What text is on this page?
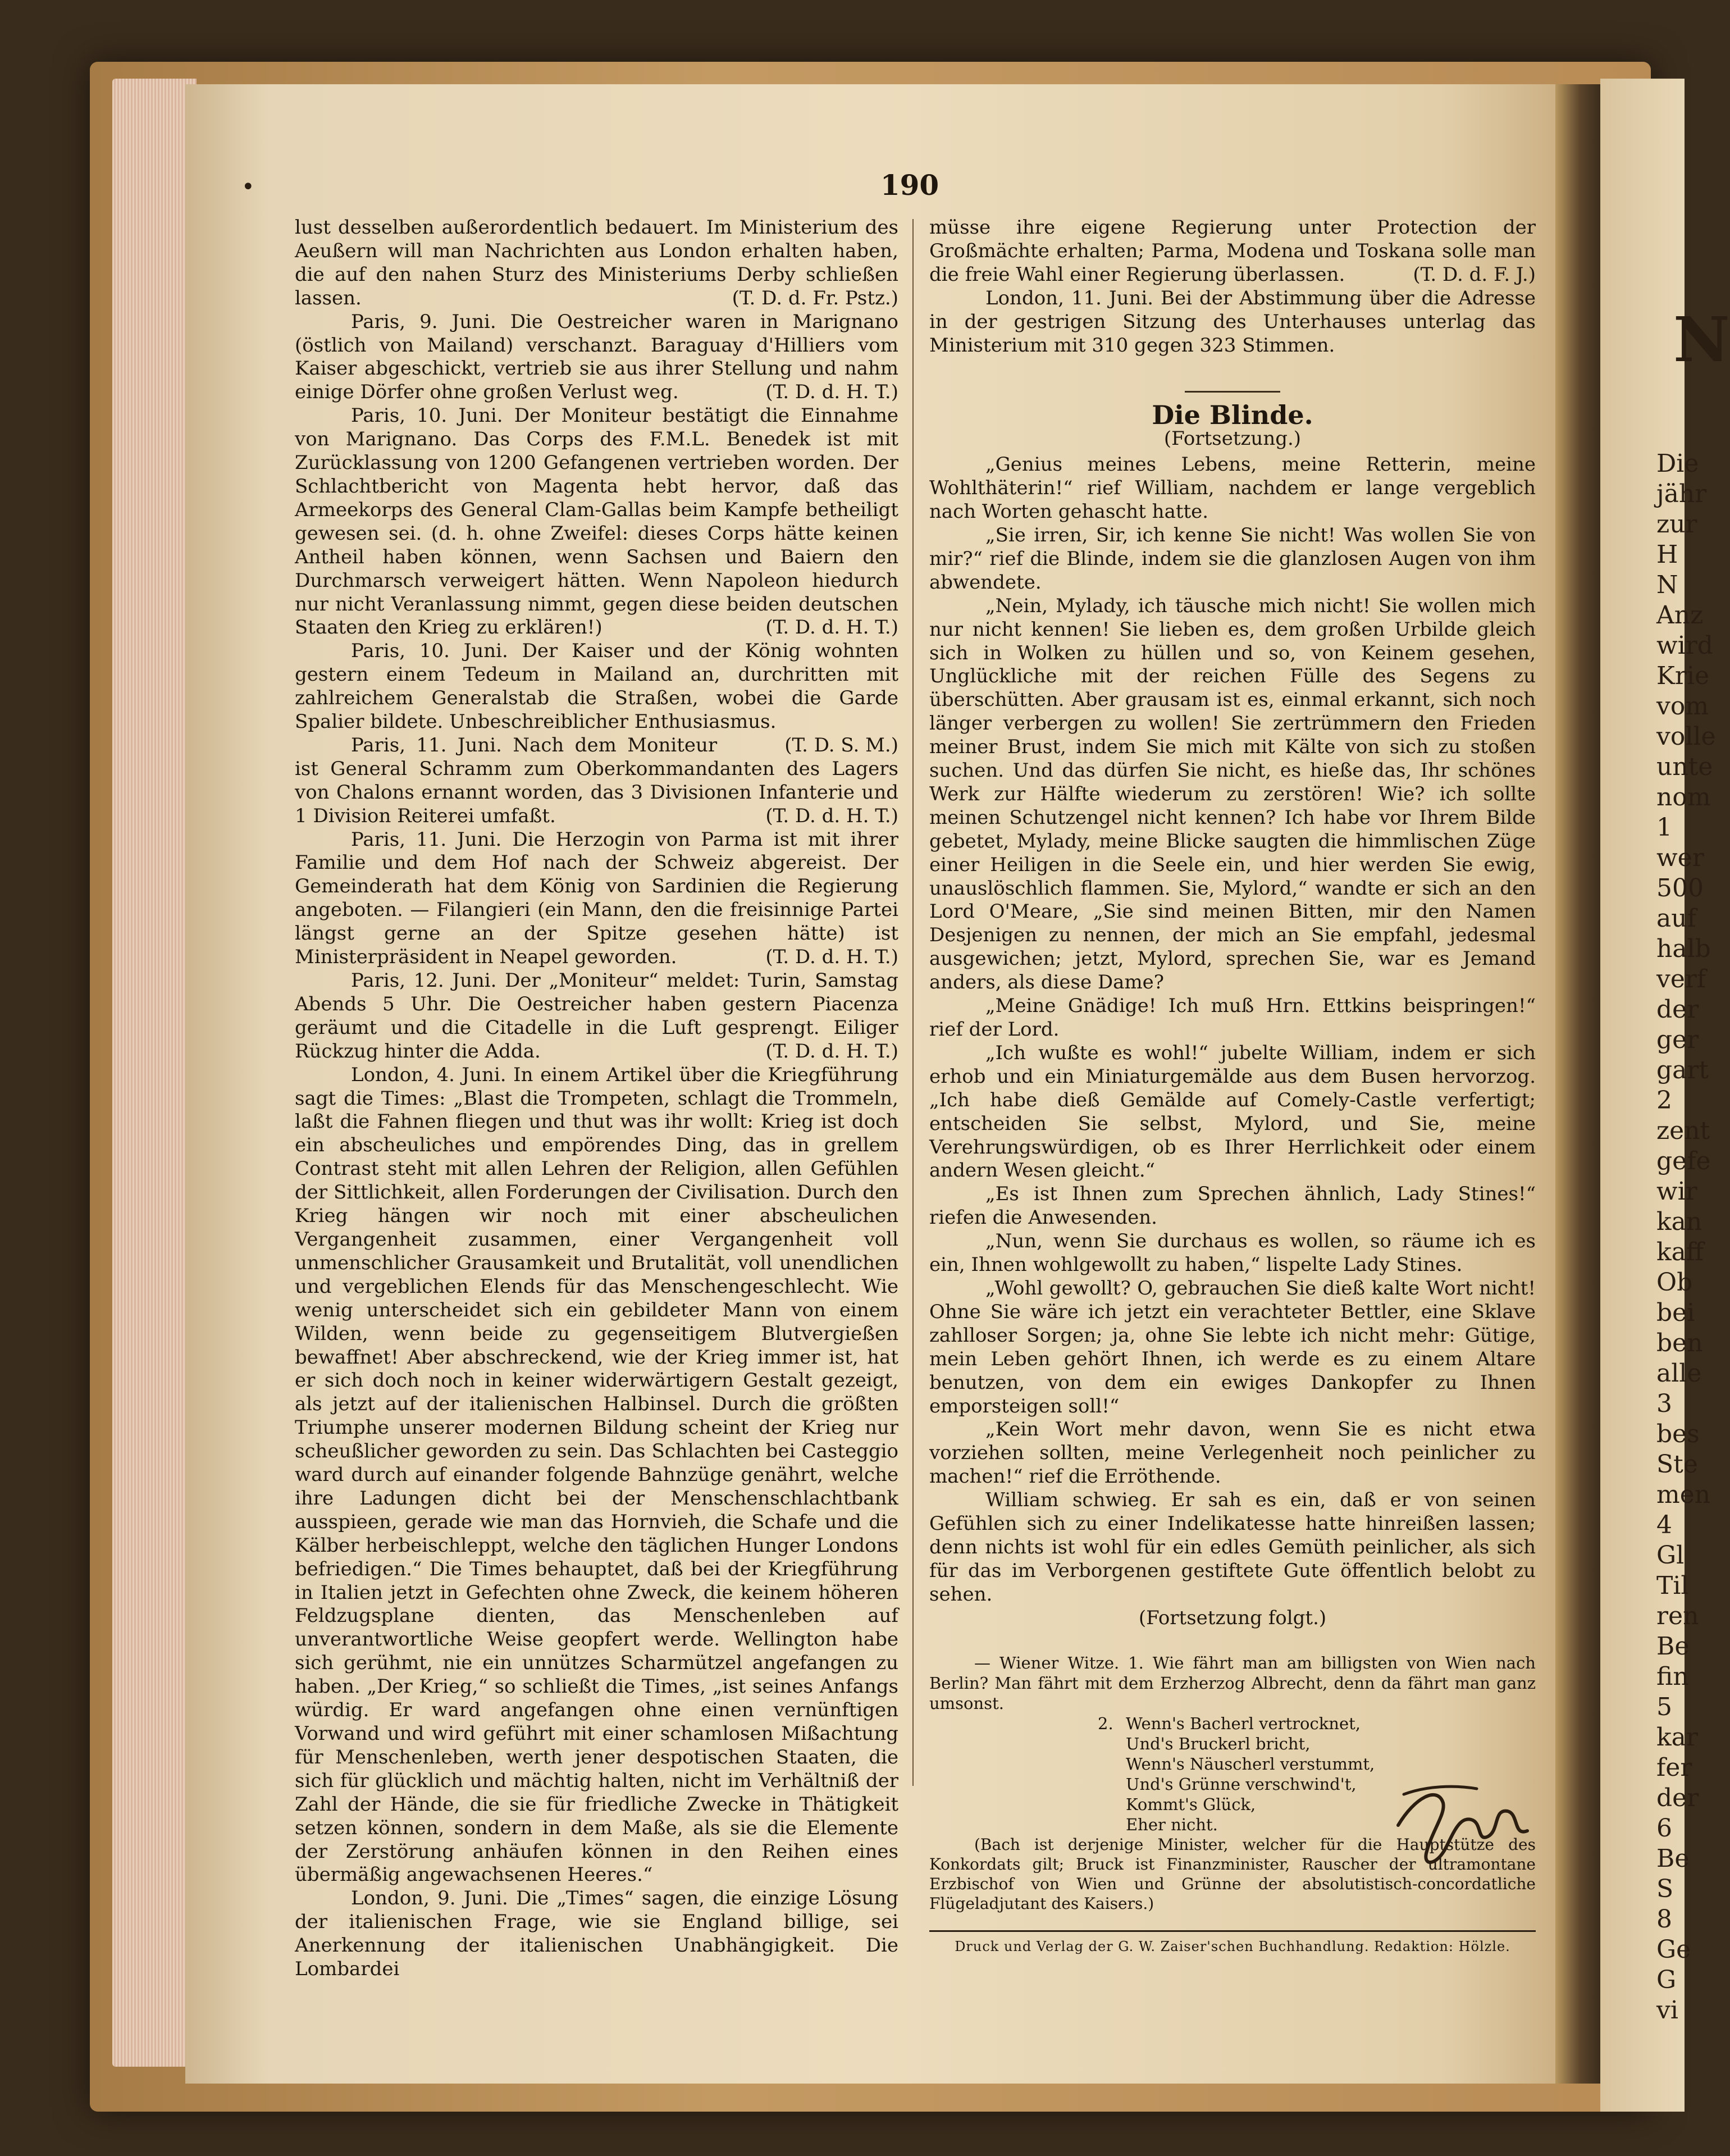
N
Die
jähr
zur
H
N
Anz
wird
Krie
vom
volle
unte
nom
1
wer
500
auf
halb
verf
der
ger
gart
2
zent
gefe
wir
kan
kaff
Ob
bei
ben
alle
3
bes
Ste
men
4
Gl
Til
ren
Be
fin
5
kar
fer
der
6
Be
S
8
Ge
G
vi
•	190

lust desselben außerordentlich bedauert. Im Ministerium des Aeußern will man Nachrichten aus London erhalten haben, die auf den nahen Sturz des Ministeriums Derby schließen lassen.	(T. D. d. Fr. Pstz.)

Paris, 9. Juni. Die Oestreicher waren in Marignano (östlich von Mailand) verschanzt. Baraguay d'Hilliers vom Kaiser abgeschickt, vertrieb sie aus ihrer Stellung und nahm einige Dörfer ohne großen Verlust weg.	(T. D. d. H. T.)

Paris, 10. Juni. Der Moniteur bestätigt die Einnahme von Marignano. Das Corps des F.M.L. Benedek ist mit Zurücklassung von 1200 Gefangenen vertrieben worden. Der Schlachtbericht von Magenta hebt hervor, daß das Armeekorps des General Clam-Gallas beim Kampfe betheiligt gewesen sei. (d. h. ohne Zweifel: dieses Corps hätte keinen Antheil haben können, wenn Sachsen und Baiern den Durchmarsch verweigert hätten. Wenn Napoleon hiedurch nur nicht Veranlassung nimmt, gegen diese beiden deutschen Staaten den Krieg zu erklären!)	(T. D. d. H. T.)

Paris, 10. Juni. Der Kaiser und der König wohnten gestern einem Tedeum in Mailand an, durchritten mit zahlreichem Generalstab die Straßen, wobei die Garde Spalier bildete. Unbeschreiblicher Enthusiasmus.
(T. D. S. M.)

Paris, 11. Juni. Nach dem Moniteur ist General Schramm zum Oberkommandanten des Lagers von Chalons ernannt worden, das 3 Divisionen Infanterie und 1 Division Reiterei umfaßt.	(T. D. d. H. T.)

Paris, 11. Juni. Die Herzogin von Parma ist mit ihrer Familie und dem Hof nach der Schweiz abgereist. Der Gemeinderath hat dem König von Sardinien die Regierung angeboten. — Filangieri (ein Mann, den die freisinnige Partei längst gerne an der Spitze gesehen hätte) ist Ministerpräsident in Neapel geworden.	(T. D. d. H. T.)

Paris, 12. Juni. Der „Moniteur“ meldet: Turin, Samstag Abends 5 Uhr. Die Oestreicher haben gestern Piacenza geräumt und die Citadelle in die Luft gesprengt. Eiliger Rückzug hinter die Adda.	(T. D. d. H. T.)

London, 4. Juni. In einem Artikel über die Kriegführung sagt die Times: „Blast die Trompeten, schlagt die Trommeln, laßt die Fahnen fliegen und thut was ihr wollt: Krieg ist doch ein abscheuliches und empörendes Ding, das in grellem Contrast steht mit allen Lehren der Religion, allen Gefühlen der Sittlichkeit, allen Forderungen der Civilisation. Durch den Krieg hängen wir noch mit einer abscheulichen Vergangenheit zusammen, einer Vergangenheit voll unmenschlicher Grausamkeit und Brutalität, voll unendlichen und vergeblichen Elends für das Menschengeschlecht. Wie wenig unterscheidet sich ein gebildeter Mann von einem Wilden, wenn beide zu gegenseitigem Blutvergießen bewaffnet! Aber abschreckend, wie der Krieg immer ist, hat er sich doch noch in keiner widerwärtigern Gestalt gezeigt, als jetzt auf der italienischen Halbinsel. Durch die größten Triumphe unserer modernen Bildung scheint der Krieg nur scheußlicher geworden zu sein. Das Schlachten bei Casteggio ward durch auf einander folgende Bahnzüge genährt, welche ihre Ladungen dicht bei der Menschenschlachtbank ausspieen, gerade wie man das Hornvieh, die Schafe und die Kälber herbeischleppt, welche den täglichen Hunger Londons befriedigen.“ Die Times behauptet, daß bei der Kriegführung in Italien jetzt in Gefechten ohne Zweck, die keinem höheren Feldzugsplane dienten, das Menschenleben auf unverantwortliche Weise geopfert werde. Wellington habe sich gerühmt, nie ein unnützes Scharmützel angefangen zu haben. „Der Krieg,“ so schließt die Times, „ist seines Anfangs würdig. Er ward angefangen ohne einen vernünftigen Vorwand und wird geführt mit einer schamlosen Mißachtung für Menschenleben, werth jener despotischen Staaten, die sich für glücklich und mächtig halten, nicht im Verhältniß der Zahl der Hände, die sie für friedliche Zwecke in Thätigkeit setzen können, sondern in dem Maße, als sie die Elemente der Zerstörung anhäufen können in den Reihen eines übermäßig angewachsenen Heeres.“

London, 9. Juni. Die „Times“ sagen, die einzige Lösung der italienischen Frage, wie sie England billige, sei Anerkennung der italienischen Unabhängigkeit. Die Lombardei

müsse ihre eigene Regierung unter Protection der Großmächte erhalten; Parma, Modena und Toskana solle man die freie Wahl einer Regierung überlassen.	(T. D. d. F. J.)

London, 11. Juni. Bei der Abstimmung über die Adresse in der gestrigen Sitzung des Unterhauses unterlag das Ministerium mit 310 gegen 323 Stimmen.

Die Blinde.
(Fortsetzung.)

„Genius meines Lebens, meine Retterin, meine Wohlthäterin!“ rief William, nachdem er lange vergeblich nach Worten gehascht hatte.

„Sie irren, Sir, ich kenne Sie nicht! Was wollen Sie von mir?“ rief die Blinde, indem sie die glanzlosen Augen von ihm abwendete.

„Nein, Mylady, ich täusche mich nicht! Sie wollen mich nur nicht kennen! Sie lieben es, dem großen Urbilde gleich sich in Wolken zu hüllen und so, von Keinem gesehen, Unglückliche mit der reichen Fülle des Segens zu überschütten. Aber grausam ist es, einmal erkannt, sich noch länger verbergen zu wollen! Sie zertrümmern den Frieden meiner Brust, indem Sie mich mit Kälte von sich zu stoßen suchen. Und das dürfen Sie nicht, es hieße das, Ihr schönes Werk zur Hälfte wiederum zu zerstören! Wie? ich sollte meinen Schutzengel nicht kennen? Ich habe vor Ihrem Bilde gebetet, Mylady, meine Blicke saugten die himmlischen Züge einer Heiligen in die Seele ein, und hier werden Sie ewig, unauslöschlich flammen. Sie, Mylord,“ wandte er sich an den Lord O'Meare, „Sie sind meinen Bitten, mir den Namen Desjenigen zu nennen, der mich an Sie empfahl, jedesmal ausgewichen; jetzt, Mylord, sprechen Sie, war es Jemand anders, als diese Dame?

„Meine Gnädige! Ich muß Hrn. Ettkins beispringen!“ rief der Lord.

„Ich wußte es wohl!“ jubelte William, indem er sich erhob und ein Miniaturgemälde aus dem Busen hervorzog. „Ich habe dieß Gemälde auf Comely-Castle verfertigt; entscheiden Sie selbst, Mylord, und Sie, meine Verehrungswürdigen, ob es Ihrer Herrlichkeit oder einem andern Wesen gleicht.“

„Es ist Ihnen zum Sprechen ähnlich, Lady Stines!“ riefen die Anwesenden.

„Nun, wenn Sie durchaus es wollen, so räume ich es ein, Ihnen wohlgewollt zu haben,“ lispelte Lady Stines.

„Wohl gewollt? O, gebrauchen Sie dieß kalte Wort nicht! Ohne Sie wäre ich jetzt ein verachteter Bettler, eine Sklave zahlloser Sorgen; ja, ohne Sie lebte ich nicht mehr: Gütige, mein Leben gehört Ihnen, ich werde es zu einem Altare benutzen, von dem ein ewiges Dankopfer zu Ihnen emporsteigen soll!“

„Kein Wort mehr davon, wenn Sie es nicht etwa vorziehen sollten, meine Verlegenheit noch peinlicher zu machen!“ rief die Erröthende.

William schwieg. Er sah es ein, daß er von seinen Gefühlen sich zu einer Indelikatesse hatte hinreißen lassen; denn nichts ist wohl für ein edles Gemüth peinlicher, als sich für das im Verborgenen gestiftete Gute öffentlich belobt zu sehen.

(Fortsetzung folgt.)

— Wiener Witze. 1. Wie fährt man am billigsten von Wien nach Berlin? Man fährt mit dem Erzherzog Albrecht, denn da fährt man ganz umsonst.

2. Wenn's Bacherl vertrocknet,
Und's Bruckerl bricht,
Wenn's Näuscherl verstummt,
Und's Grünne verschwind't,
Kommt's Glück,
Eher nicht.

(Bach ist derjenige Minister, welcher für die Hauptstütze des Konkordats gilt; Bruck ist Finanzminister, Rauscher der ultramontane Erzbischof von Wien und Grünne der absolutistisch-concordatliche Flügeladjutant des Kaisers.)

Druck und Verlag der G. W. Zaiser'schen Buchhandlung. Redaktion: Hölzle.
